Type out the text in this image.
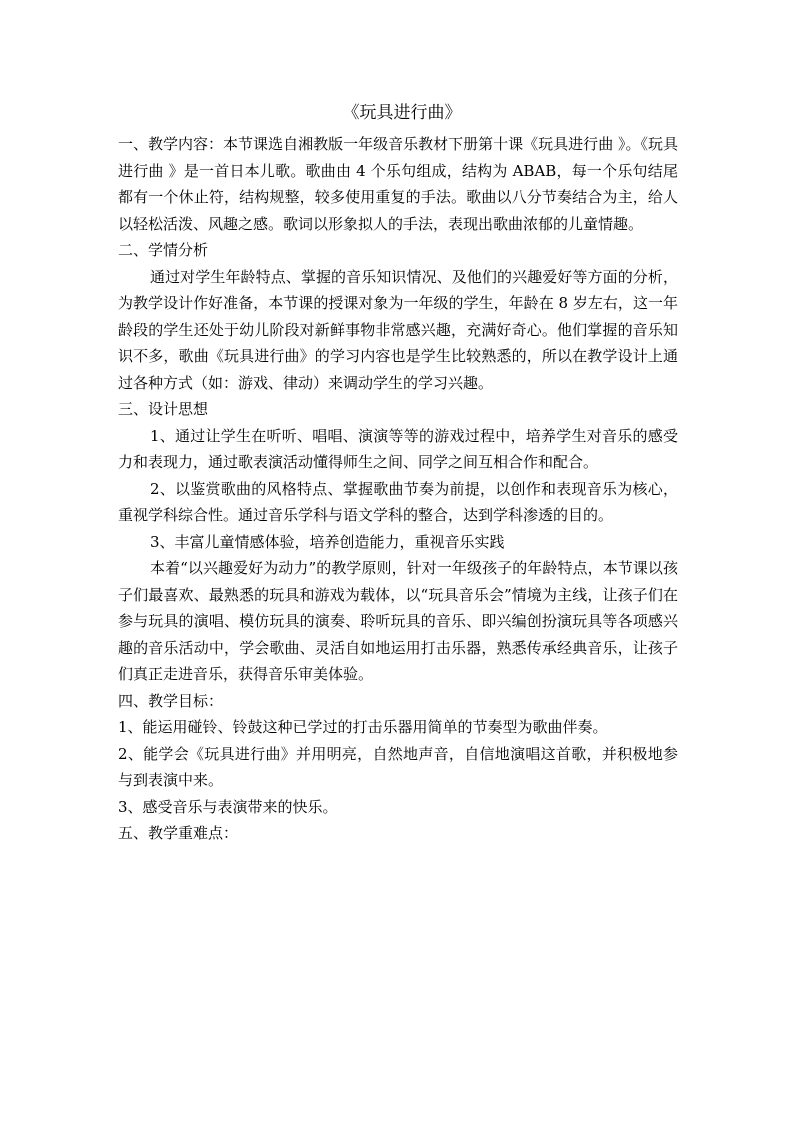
《玩具进行曲》

一、教学内容：本节课选自湘教版一年级音乐教材下册第十课《玩具进行曲 》。《玩具进行曲 》是一首日本儿歌。歌曲由 4 个乐句组成，结构为 ABAB，每一个乐句结尾都有一个休止符，结构规整，较多使用重复的手法。歌曲以八分节奏结合为主，给人以轻松活泼、风趣之感。歌词以形象拟人的手法，表现出歌曲浓郁的儿童情趣。

二、学情分析

通过对学生年龄特点、掌握的音乐知识情况、及他们的兴趣爱好等方面的分析，为教学设计作好准备，本节课的授课对象为一年级的学生，年龄在 8 岁左右，这一年龄段的学生还处于幼儿阶段对新鲜事物非常感兴趣，充满好奇心。他们掌握的音乐知识不多，歌曲《玩具进行曲》的学习内容也是学生比较熟悉的，所以在教学设计上通过各种方式（如：游戏、律动）来调动学生的学习兴趣。

三、设计思想

1、通过让学生在听听、唱唱、演演等等的游戏过程中，培养学生对音乐的感受力和表现力，通过歌表演活动懂得师生之间、同学之间互相合作和配合。

2、以鉴赏歌曲的风格特点、掌握歌曲节奏为前提，以创作和表现音乐为核心，重视学科综合性。通过音乐学科与语文学科的整合，达到学科渗透的目的。

3、丰富儿童情感体验，培养创造能力，重视音乐实践

本着“以兴趣爱好为动力”的教学原则，针对一年级孩子的年龄特点，本节课以孩子们最喜欢、最熟悉的玩具和游戏为载体，以“玩具音乐会”情境为主线，让孩子们在参与玩具的演唱、模仿玩具的演奏、聆听玩具的音乐、即兴编创扮演玩具等各项感兴趣的音乐活动中，学会歌曲、灵活自如地运用打击乐器，熟悉传承经典音乐，让孩子们真正走进音乐，获得音乐审美体验。

四、教学目标：

1、能运用碰铃、铃鼓这种已学过的打击乐器用简单的节奏型为歌曲伴奏。

2、能学会《玩具进行曲》并用明亮，自然地声音，自信地演唱这首歌，并积极地参与到表演中来。

3、感受音乐与表演带来的快乐。

五、教学重难点：
